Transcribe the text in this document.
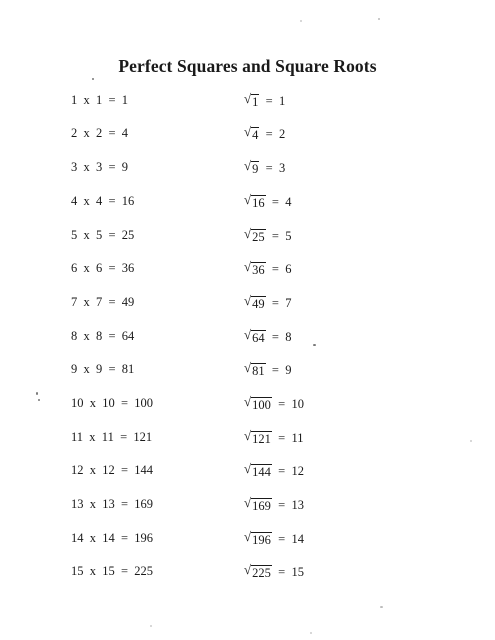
Perfect Squares and Square Roots
1  x  1  =  1	√ 1 = 1
2  x  2  =  4	√ 4 = 2
3  x  3  =  9	√ 9 = 3
4  x  4  =  16	√ 16 = 4
5  x  5  =  25	√ 25 = 5
6  x  6  =  36	√ 36 = 6
7  x  7  =  49	√ 49 = 7
8  x  8  =  64	√ 64 = 8
9  x  9  =  81	√ 81 = 9
10  x  10  =  100	√ 100 = 10
11  x  11  =  121	√ 121 = 11
12  x  12  =  144	√ 144 = 12
13  x  13  =  169	√ 169 = 13
14  x  14  =  196	√ 196 = 14
15  x  15  =  225	√ 225 = 15
